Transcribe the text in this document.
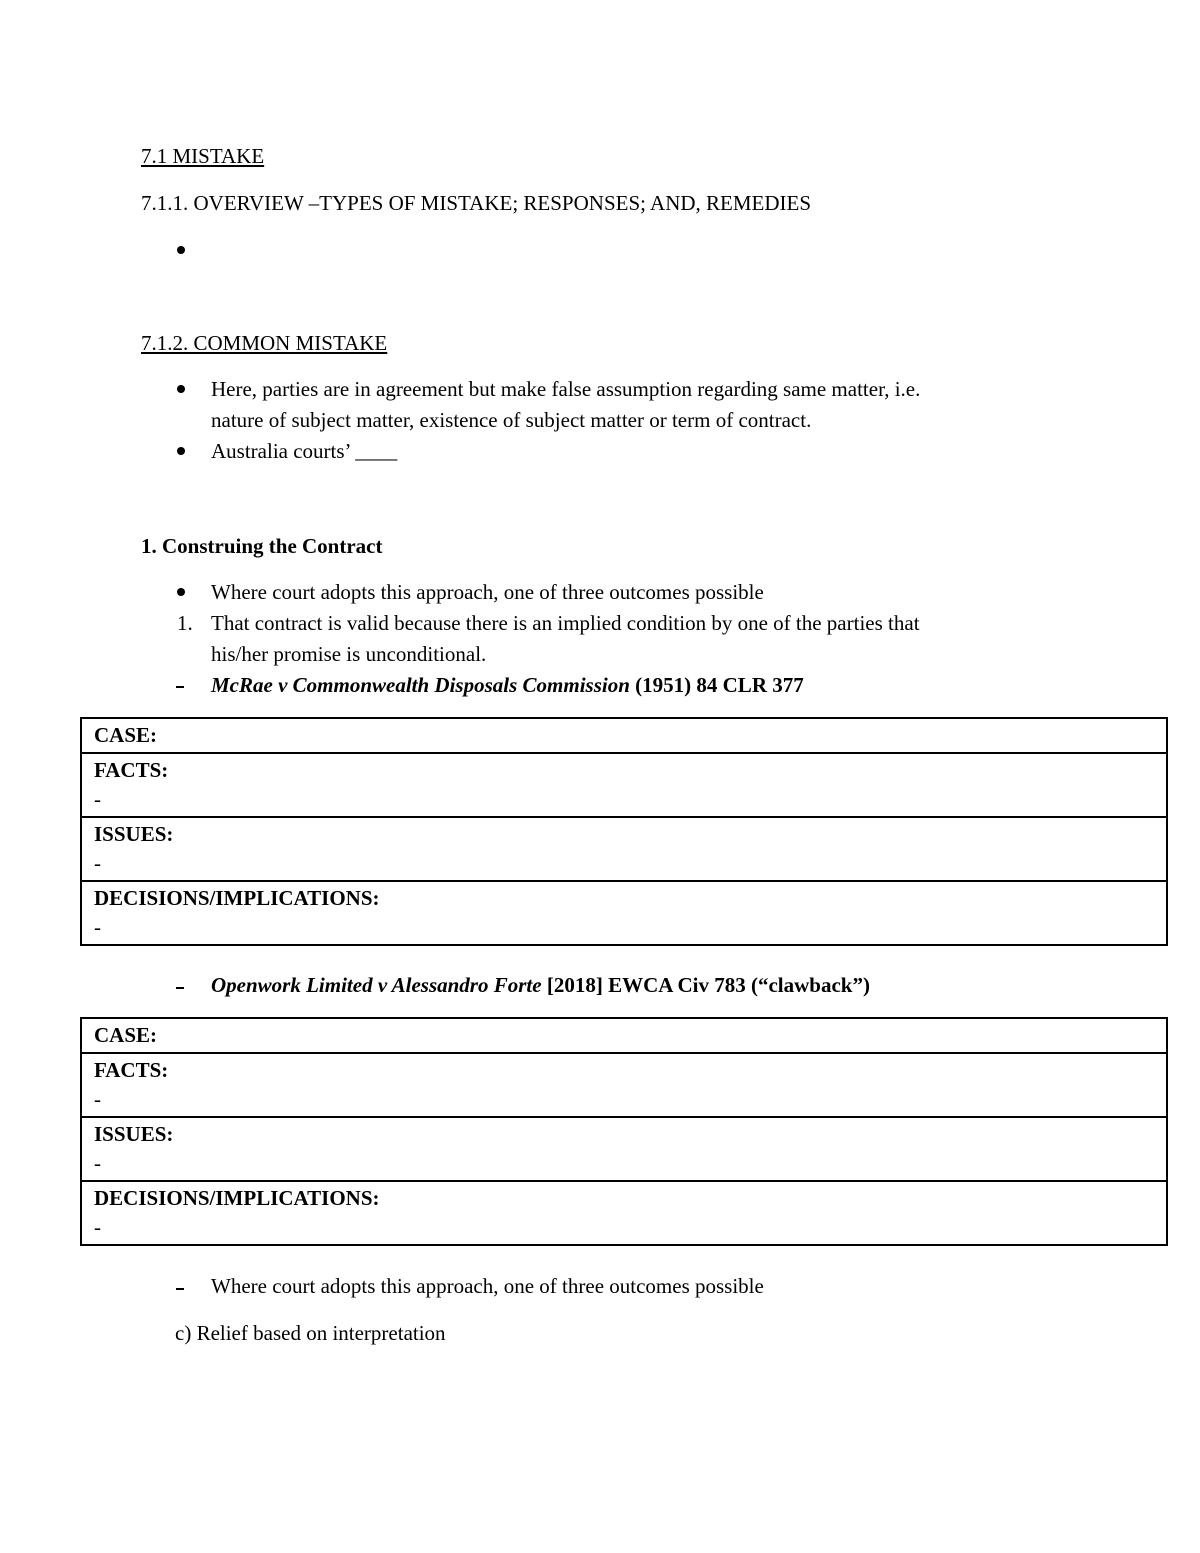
7.1 MISTAKE
7.1.1. OVERVIEW –TYPES OF MISTAKE; RESPONSES; AND, REMEDIES
7.1.2. COMMON MISTAKE
Here, parties are in agreement but make false assumption regarding same matter, i.e.
nature of subject matter, existence of subject matter or term of contract.
Australia courts’ ____
1. Construing the Contract
Where court adopts this approach, one of three outcomes possible
1. That contract is valid because there is an implied condition by one of the parties that
his/her promise is unconditional.
McRae v Commonwealth Disposals Commission (1951) 84 CLR 377
CASE:

FACTS:
-

ISSUES:
-

DECISIONS/IMPLICATIONS:
-
Openwork Limited v Alessandro Forte [2018] EWCA Civ 783 (“clawback”)
CASE:

FACTS:
-

ISSUES:
-

DECISIONS/IMPLICATIONS:
-
Where court adopts this approach, one of three outcomes possible
c) Relief based on interpretation
